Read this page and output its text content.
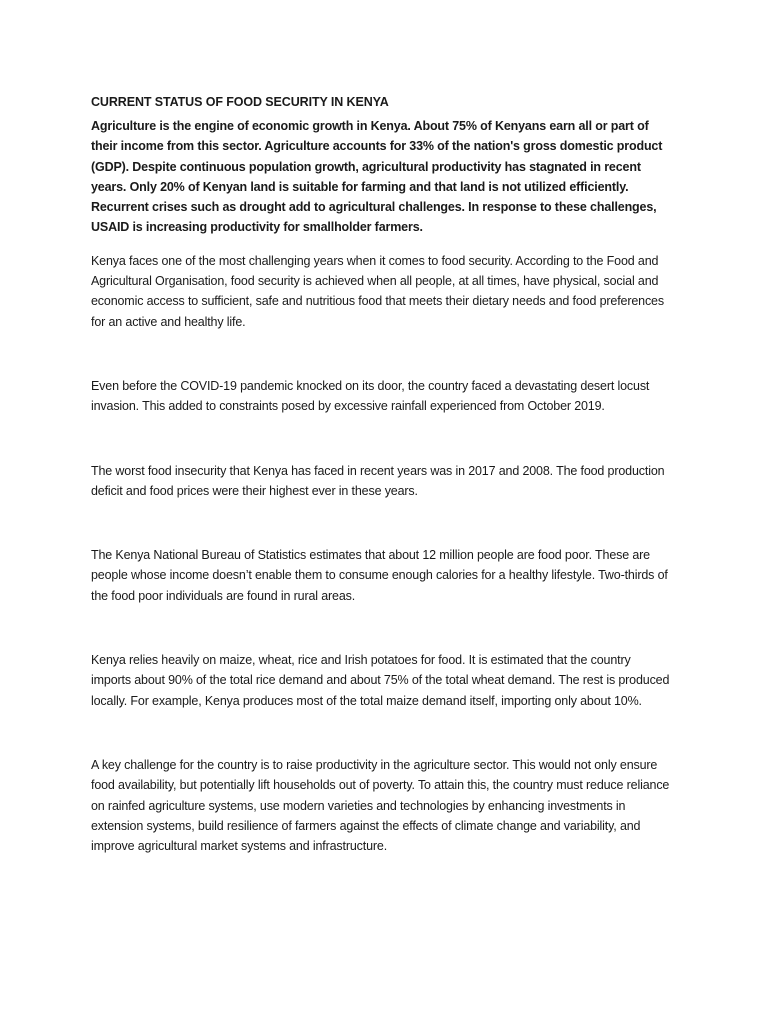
CURRENT STATUS OF FOOD SECURITY IN KENYA

Agriculture is the engine of economic growth in Kenya. About 75% of Kenyans earn all or part of their income from this sector. Agriculture accounts for 33% of the nation's gross domestic product (GDP). Despite continuous population growth, agricultural productivity has stagnated in recent years. Only 20% of Kenyan land is suitable for farming and that land is not utilized efficiently. Recurrent crises such as drought add to agricultural challenges. In response to these challenges, USAID is increasing productivity for smallholder farmers.

Kenya faces one of the most challenging years when it comes to food security. According to the Food and Agricultural Organisation, food security is achieved when all people, at all times, have physical, social and economic access to sufficient, safe and nutritious food that meets their dietary needs and food preferences for an active and healthy life.

Even before the COVID-19 pandemic knocked on its door, the country faced a devastating desert locust invasion. This added to constraints posed by excessive rainfall experienced from October 2019.

The worst food insecurity that Kenya has faced in recent years was in 2017 and 2008. The food production deficit and food prices were their highest ever in these years.

The Kenya National Bureau of Statistics estimates that about 12 million people are food poor. These are people whose income doesn’t enable them to consume enough calories for a healthy lifestyle. Two-thirds of the food poor individuals are found in rural areas.

Kenya relies heavily on maize, wheat, rice and Irish potatoes for food. It is estimated that the country imports about 90% of the total rice demand and about 75% of the total wheat demand. The rest is produced locally. For example, Kenya produces most of the total maize demand itself, importing only about 10%.

A key challenge for the country is to raise productivity in the agriculture sector. This would not only ensure food availability, but potentially lift households out of poverty. To attain this, the country must reduce reliance on rainfed agriculture systems, use modern varieties and technologies by enhancing investments in extension systems, build resilience of farmers against the effects of climate change and variability, and improve agricultural market systems and infrastructure.
